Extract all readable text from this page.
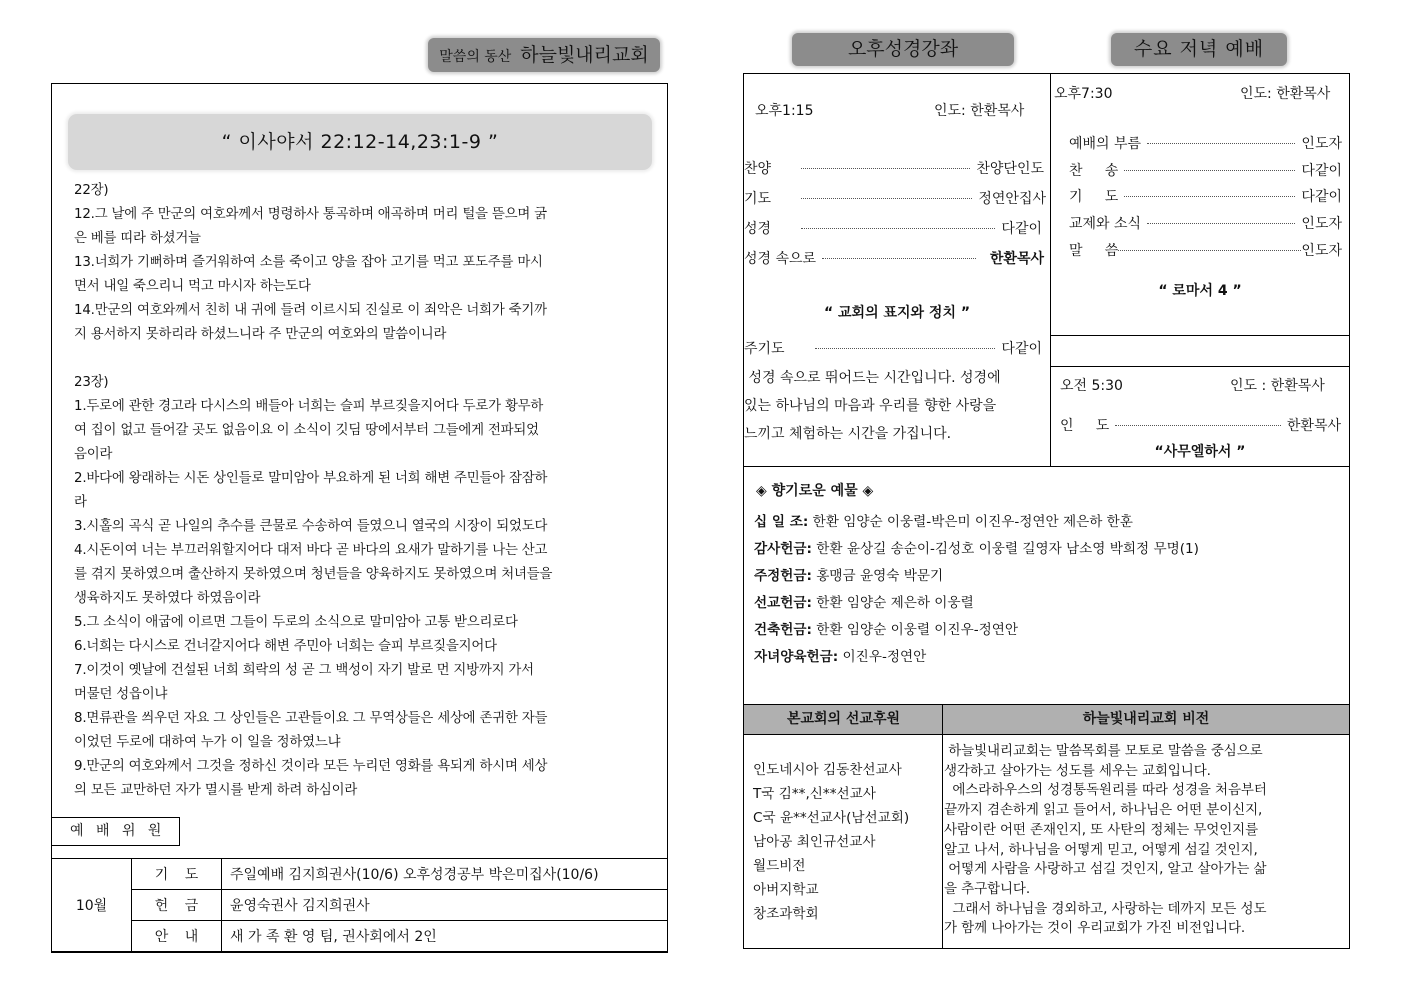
말씀의 동산 하늘빛내리교회
“ 이사야서 22:12-14,23:1-9 ”
22장)
12.그 날에 주 만군의 여호와께서 명령하사 통곡하며 애곡하며 머리 털을 뜯으며 굵
은 베를 띠라 하셨거늘
13.너희가 기뻐하며 즐거워하여 소를 죽이고 양을 잡아 고기를 먹고 포도주를 마시
면서 내일 죽으리니 먹고 마시자 하는도다
14.만군의 여호와께서 친히 내 귀에 들려 이르시되 진실로 이 죄악은 너희가 죽기까
지 용서하지 못하리라 하셨느니라 주 만군의 여호와의 말씀이니라
23장)
1.두로에 관한 경고라 다시스의 배들아 너희는 슬피 부르짖을지어다 두로가 황무하
여 집이 없고 들어갈 곳도 없음이요 이 소식이 깃딤 땅에서부터 그들에게 전파되었
음이라
2.바다에 왕래하는 시돈 상인들로 말미암아 부요하게 된 너희 해변 주민들아 잠잠하
라
3.시홀의 곡식 곧 나일의 추수를 큰물로 수송하여 들였으니 열국의 시장이 되었도다
4.시돈이여 너는 부끄러워할지어다 대저 바다 곧 바다의 요새가 말하기를 나는 산고
를 겪지 못하였으며 출산하지 못하였으며 청년들을 양육하지도 못하였으며 처녀들을
생육하지도 못하였다 하였음이라
5.그 소식이 애굽에 이르면 그들이 두로의 소식으로 말미암아 고통 받으리로다
6.너희는 다시스로 건너갈지어다 해변 주민아 너희는 슬피 부르짖을지어다
7.이것이 옛날에 건설된 너희 희락의 성 곧 그 백성이 자기 발로 먼 지방까지 가서
머물던 성읍이냐
8.면류관을 씌우던 자요 그 상인들은 고관들이요 그 무역상들은 세상에 존귀한 자들
이었던 두로에 대하여 누가 이 일을 정하였느냐
9.만군의 여호와께서 그것을 정하신 것이라 모든 누리던 영화를 욕되게 하시며 세상
의 모든 교만하던 자가 멸시를 받게 하려 하심이라
예 배 위 원
10월	기 도	주일예배 김지희권사(10/6) 오후성경공부 박은미집사(10/6)
	헌 금	윤영숙권사 김지희권사
	안 내	새 가 족 환 영 팀, 권사회에서 2인
오후성경강좌	수요 저녁 예배
오후1:15	인도: 한환목사
찬양	찬양단인도
기도	정연안집사
성경	다같이
성경 속으로	한환목사
“ 교회의 표지와 정치 ”
주기도	다같이
성경 속으로 뛰어드는 시간입니다. 성경에
있는 하나님의 마음과 우리를 향한 사랑을
느끼고 체험하는 시간을 가집니다.
오후7:30	인도: 한환목사
예배의 부름	인도자
찬     송	다같이
기     도	다같이
교제와 소식	인도자
말     씀	인도자
“ 로마서 4 ”
오전 5:30	인도 : 한환목사
인     도	한환목사
“사무엘하서 ”
◈ 향기로운 예물 ◈
십 일 조: 한환 임양순 이웅렬-박은미 이진우-정연안 제은하 한훈
감사헌금: 한환 윤상길 송순이-김성호 이웅렬 길영자 남소영 박희정 무명(1)
주정헌금: 홍맹금 윤영숙 박문기
선교헌금: 한환 임양순 제은하 이웅렬
건축헌금: 한환 임양순 이웅렬 이진우-정연안
자녀양육헌금: 이진우-정연안
본교회의 선교후원	하늘빛내리교회 비전
인도네시아 김동찬선교사
T국 김**,신**선교사
C국 윤**선교사(남선교회)
남아공 최인규선교사
월드비전
아버지학교
창조과학회
하늘빛내리교회는 말씀목회를 모토로 말씀을 중심으로
생각하고 살아가는 성도를 세우는 교회입니다.
에스라하우스의 성경통독원리를 따라 성경을 처음부터
끝까지 겸손하게 읽고 들어서, 하나님은 어떤 분이신지,
사람이란 어떤 존재인지, 또 사탄의 정체는 무엇인지를
알고 나서, 하나님을 어떻게 믿고, 어떻게 섬길 것인지,
어떻게 사람을 사랑하고 섬길 것인지, 알고 살아가는 삶
을 추구합니다.
그래서 하나님을 경외하고, 사랑하는 데까지 모든 성도
가 함께 나아가는 것이 우리교회가 가진 비전입니다.
